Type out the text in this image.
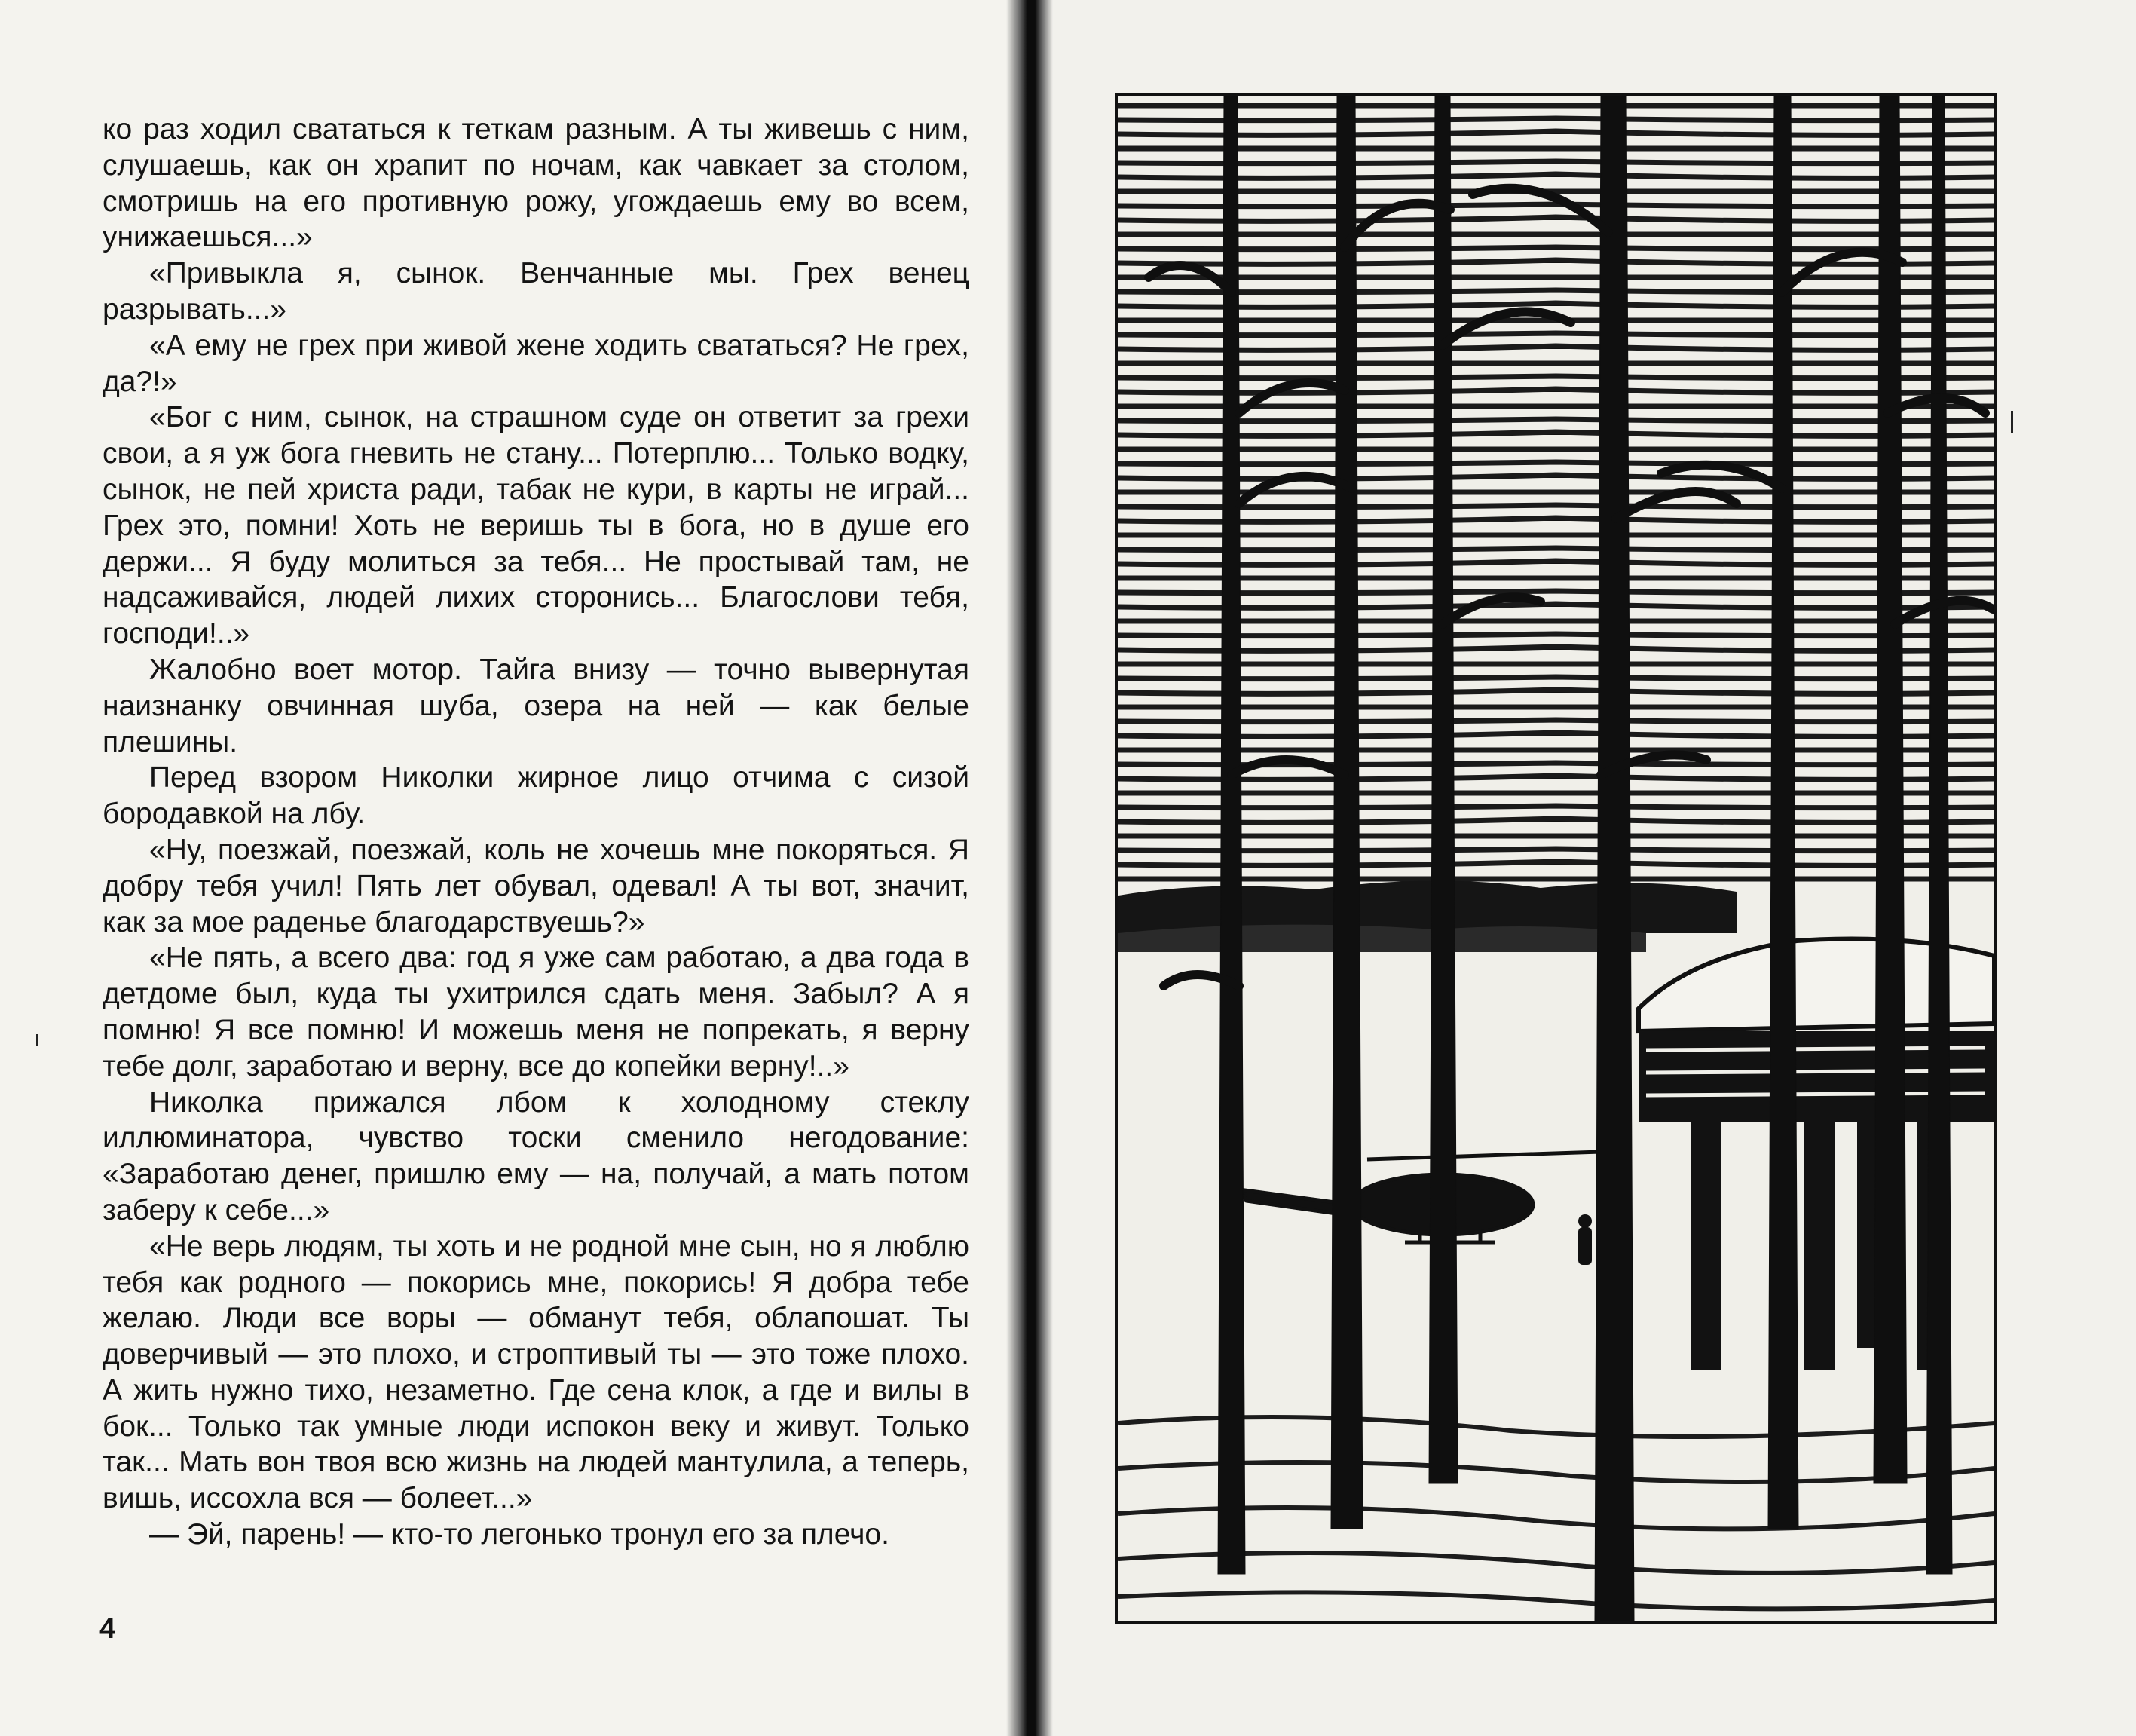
ко раз ходил свататься к теткам разным. А ты живешь с ним, слушаешь, как он храпит по ночам, как чавкает за столом, смотришь на его противную рожу, угождаешь ему во всем, унижаешься...»

«Привыкла я, сынок. Венчанные мы. Грех венец разрывать...»

«А ему не грех при живой жене ходить свататься? Не грех, да?!»

«Бог с ним, сынок, на страшном суде он ответит за грехи свои, а я уж бога гневить не стану... Потерплю... Только водку, сынок, не пей христа ради, табак не кури, в карты не играй... Грех это, помни! Хоть не веришь ты в бога, но в душе его держи... Я буду молиться за тебя... Не простывай там, не надсаживайся, людей лихих сторонись... Благослови тебя, господи!..»

Жалобно воет мотор. Тайга внизу — точно вывернутая наизнанку овчинная шуба, озера на ней — как белые плешины.

Перед взором Николки жирное лицо отчима с сизой бородавкой на лбу.

«Ну, поезжай, поезжай, коль не хочешь мне покоряться. Я добру тебя учил! Пять лет обувал, одевал! А ты вот, значит, как за мое раденье благодарствуешь?»

«Не пять, а всего два: год я уже сам работаю, а два года в детдоме был, куда ты ухитрился сдать меня. Забыл? А я помню! Я все помню! И можешь меня не попрекать, я верну тебе долг, заработаю и верну, все до копейки верну!..»

Николка прижался лбом к холодному стеклу иллюминатора, чувство тоски сменило негодование: «Заработаю денег, пришлю ему — на, получай, а мать потом заберу к себе...»

«Не верь людям, ты хоть и не родной мне сын, но я люблю тебя как родного — покорись мне, покорись! Я добра тебе желаю. Люди все воры — обманут тебя, облапошат. Ты доверчивый — это плохо, и строптивый ты — это тоже плохо. А жить нужно тихо, незаметно. Где сена клок, а где и вилы в бок... Только так умные люди испокон веку и живут. Только так... Мать вон твоя всю жизнь на людей мантулила, а теперь, вишь, иссохла вся — болеет...»

— Эй, парень! — кто-то легонько тронул его за плечо.

4
